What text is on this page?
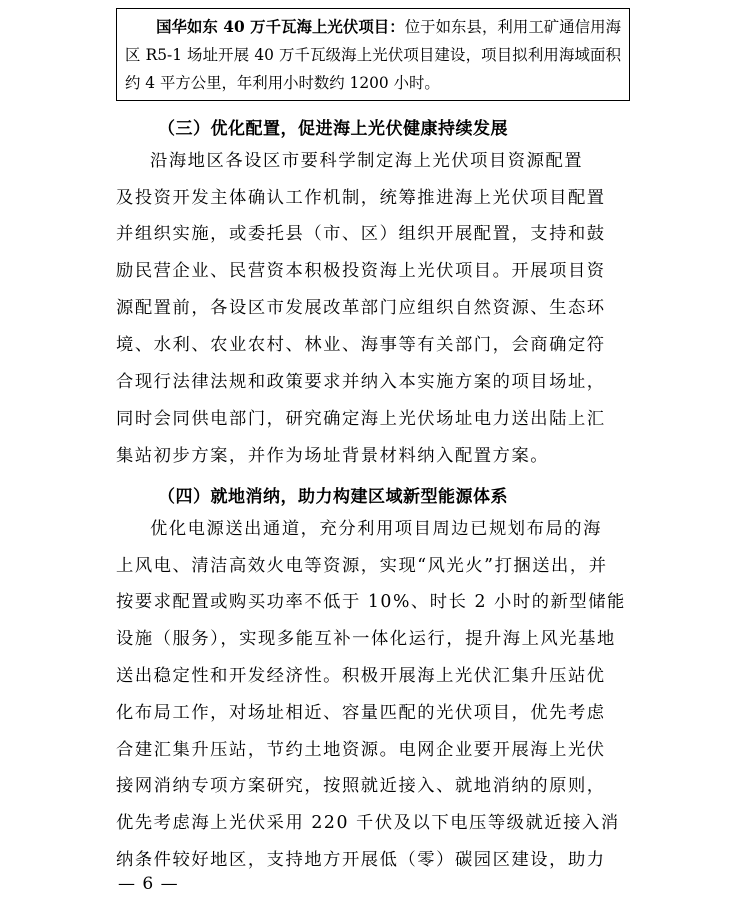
国华如东 40 万千瓦海上光伏项目：位于如东县，利用工矿通信用海区 R5-1 场址开展 40 万千瓦级海上光伏项目建设，项目拟利用海域面积约 4 平方公里，年利用小时数约 1200 小时。
（三）优化配置，促进海上光伏健康持续发展
沿海地区各设区市要科学制定海上光伏项目资源配置
及投资开发主体确认工作机制，统筹推进海上光伏项目配置
并组织实施，或委托县（市、区）组织开展配置，支持和鼓
励民营企业、民营资本积极投资海上光伏项目。开展项目资
源配置前，各设区市发展改革部门应组织自然资源、生态环
境、水利、农业农村、林业、海事等有关部门，会商确定符
合现行法律法规和政策要求并纳入本实施方案的项目场址，
同时会同供电部门，研究确定海上光伏场址电力送出陆上汇
集站初步方案，并作为场址背景材料纳入配置方案。
（四）就地消纳，助力构建区域新型能源体系
优化电源送出通道，充分利用项目周边已规划布局的海
上风电、清洁高效火电等资源，实现“风光火”打捆送出，并
按要求配置或购买功率不低于 10%、时长 2 小时的新型储能
设施（服务），实现多能互补一体化运行，提升海上风光基地
送出稳定性和开发经济性。积极开展海上光伏汇集升压站优
化布局工作，对场址相近、容量匹配的光伏项目，优先考虑
合建汇集升压站，节约土地资源。电网企业要开展海上光伏
接网消纳专项方案研究，按照就近接入、就地消纳的原则，
优先考虑海上光伏采用 220 千伏及以下电压等级就近接入消
纳条件较好地区，支持地方开展低（零）碳园区建设，助力
— 6 —
